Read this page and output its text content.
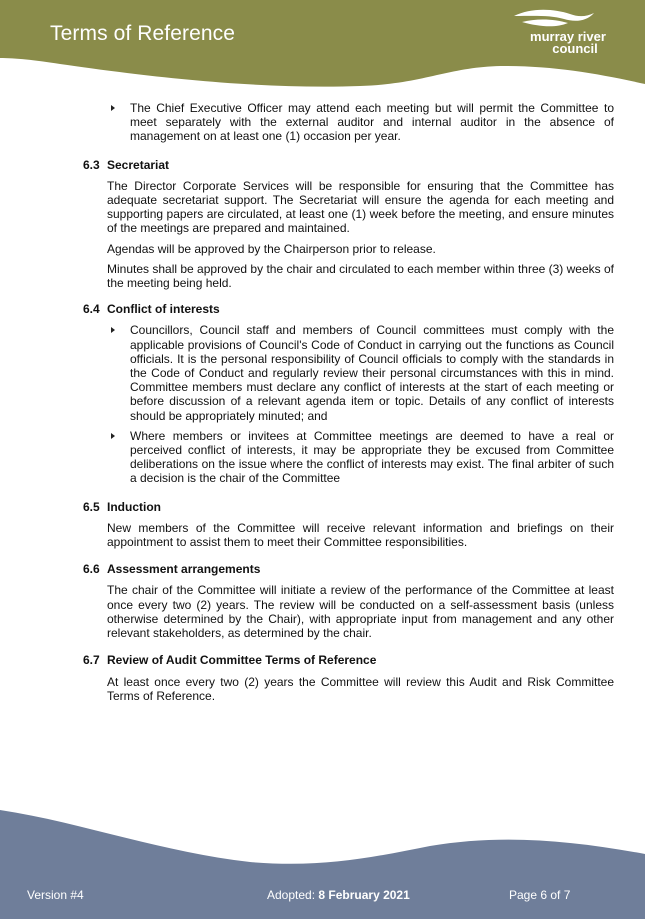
Terms of Reference	murray river
council

The Chief Executive Officer may attend each meeting but will permit the Committee to meet separately with the external auditor and internal auditor in the absence of management on at least one (1) occasion per year.

6.3 Secretariat

The Director Corporate Services will be responsible for ensuring that the Committee has adequate secretariat support. The Secretariat will ensure the agenda for each meeting and supporting papers are circulated, at least one (1) week before the meeting, and ensure minutes of the meetings are prepared and maintained.

Agendas will be approved by the Chairperson prior to release.

Minutes shall be approved by the chair and circulated to each member within three (3) weeks of the meeting being held.

6.4 Conflict of interests

Councillors, Council staff and members of Council committees must comply with the applicable provisions of Council's Code of Conduct in carrying out the functions as Council officials. It is the personal responsibility of Council officials to comply with the standards in the Code of Conduct and regularly review their personal circumstances with this in mind. Committee members must declare any conflict of interests at the start of each meeting or before discussion of a relevant agenda item or topic. Details of any conflict of interests should be appropriately minuted; and

Where members or invitees at Committee meetings are deemed to have a real or perceived conflict of interests, it may be appropriate they be excused from Committee deliberations on the issue where the conflict of interests may exist. The final arbiter of such a decision is the chair of the Committee

6.5 Induction

New members of the Committee will receive relevant information and briefings on their appointment to assist them to meet their Committee responsibilities.

6.6 Assessment arrangements

The chair of the Committee will initiate a review of the performance of the Committee at least once every two (2) years. The review will be conducted on a self-assessment basis (unless otherwise determined by the Chair), with appropriate input from management and any other relevant stakeholders, as determined by the chair.

6.7 Review of Audit Committee Terms of Reference

At least once every two (2) years the Committee will review this Audit and Risk Committee Terms of Reference.

Version #4	Adopted: 8 February 2021	Page 6 of 7
